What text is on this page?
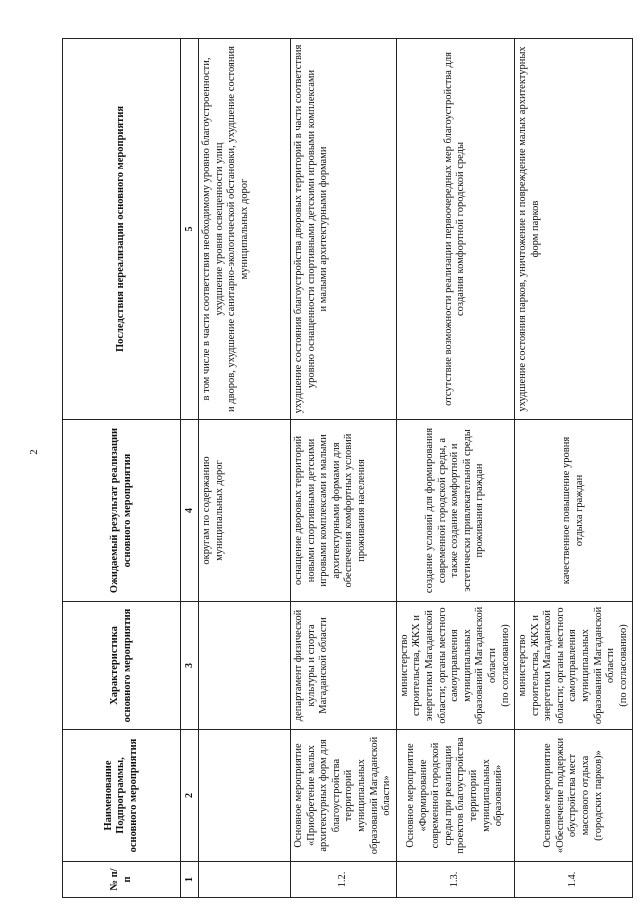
2
№ п/п	Наименование Подпрограммы, основного мероприятия	Характеристика основного мероприятия	Ожидаемый результат реализации основного мероприятия	Последствия нереализации основного мероприятия
1	2	3	4	5
			округам по содержанию муниципальных дорог	в том числе в части соответствия необходимому уровню благоустроенности, ухудшение уровня освещенности улиц
и дворов, ухудшение санитарно-экологической обстановки, ухудшение состояния муниципальных дорог
1.2.	Основное мероприятие «Приобретение малых архитектурных форм для благоустройства территорий муниципальных образований Магаданской области»	департамент физической культуры и спорта Магаданской области	оснащение дворовых территорий новыми спортивными детскими игровыми комплексами и малыми архитектурными формами для обеспечения комфортных условий проживания населения	ухудшение состояния благоустройства дворовых территорий в части соответствия уровню оснащенности спортивными детскими игровыми комплексами
и малыми архитектурными формами
1.3.	Основное мероприятие «Формирование современной городской среды при реализации проектов благоустройства территорий муниципальных образований»	министерство строительства, ЖКХ и энергетики Магаданской области; органы местного самоуправления муниципальных образований Магаданской области
(по согласованию)	создание условий для формирования современной городской среды, а также создание комфортной и эстетически привлекательной среды проживания граждан	отсутствие возможности реализации первоочередных мер благоустройства для создания комфортной городской среды
1.4.	Основное мероприятие «Обеспечение поддержки обустройства мест массового отдыха (городских парков)»	министерство строительства, ЖКХ и энергетики Магаданской области; органы местного самоуправления муниципальных образований Магаданской области
(по согласованию)	качественное повышение уровня отдыха граждан	ухудшение состояния парков, уничтожение и повреждение малых архитектурных форм парков
